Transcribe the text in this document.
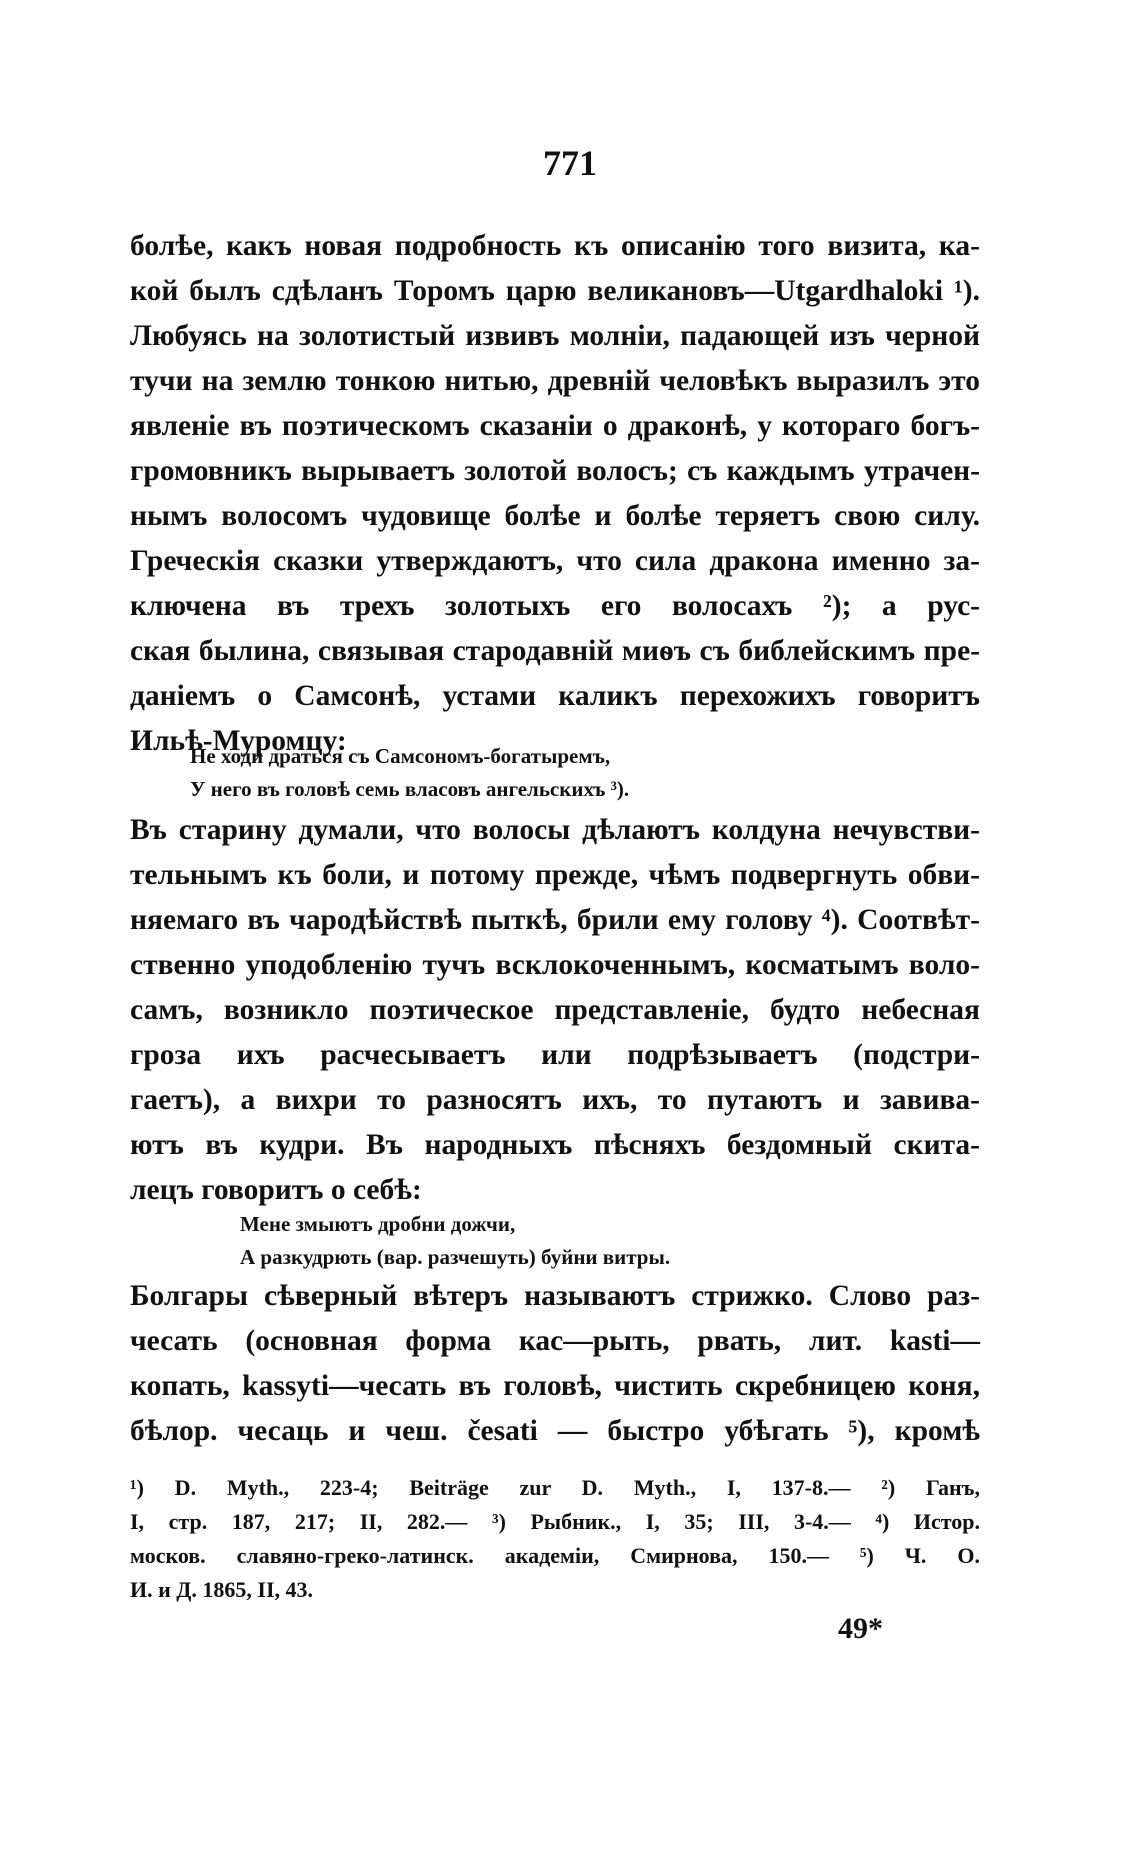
771
болѣе, какъ новая подробность къ описанію того визита, ка-
кой былъ сдѣланъ Торомъ царю великановъ—Utgardhaloki ¹).
Любуясь на золотистый извивъ молніи, падающей изъ черной
тучи на землю тонкою нитью, древній человѣкъ выразилъ это
явленіе въ поэтическомъ сказаніи о драконѣ, у котораго богъ-
громовникъ вырываетъ золотой волосъ; съ каждымъ утрачен-
нымъ волосомъ чудовище болѣе и болѣе теряетъ свою силу.
Греческія сказки утверждаютъ, что сила дракона именно за-
ключена въ трехъ золотыхъ его волосахъ ²); а рус-
ская былина, связывая стародавній миѳъ съ библейскимъ пре-
даніемъ о Самсонѣ, устами каликъ перехожихъ говоритъ
Ильѣ-Муромцу:
Не ходи драться съ Самсономъ-богатыремъ,
У него въ головѣ семь власовъ ангельскихъ ³).
Въ старину думали, что волосы дѣлаютъ колдуна нечувстви-
тельнымъ къ боли, и потому прежде, чѣмъ подвергнуть обви-
няемаго въ чародѣйствѣ пыткѣ, брили ему голову ⁴). Соотвѣт-
ственно уподобленію тучъ всклокоченнымъ, косматымъ воло-
самъ, возникло поэтическое представленіе, будто небесная
гроза ихъ расчесываетъ или подрѣзываетъ (подстри-
гаетъ), а вихри то разносятъ ихъ, то путаютъ и завива-
ютъ въ кудри. Въ народныхъ пѣсняхъ бездомный скита-
лецъ говоритъ о себѣ:
Мене змыютъ дробни дожчи,
А разкудрють (вар. разчешуть) буйни витры.
Болгары сѣверный вѣтеръ называютъ стрижко. Слово раз-
чесать (основная форма кас—рыть, рвать, лит. kasti—
копать, kassyti—чесать въ головѣ, чистить скребницею коня,
бѣлор. чесаць и чеш. česati — быстро убѣгать ⁵), кромѣ
¹) D. Myth., 223-4; Beiträge zur D. Myth., I, 137-8.— ²) Ганъ,
I, стр. 187, 217; II, 282.— ³) Рыбник., I, 35; III, 3-4.— ⁴) Истор.
москов. славяно-греко-латинск. академіи, Смирнова, 150.— ⁵) Ч. О.
И. и Д. 1865, II, 43.
49*
